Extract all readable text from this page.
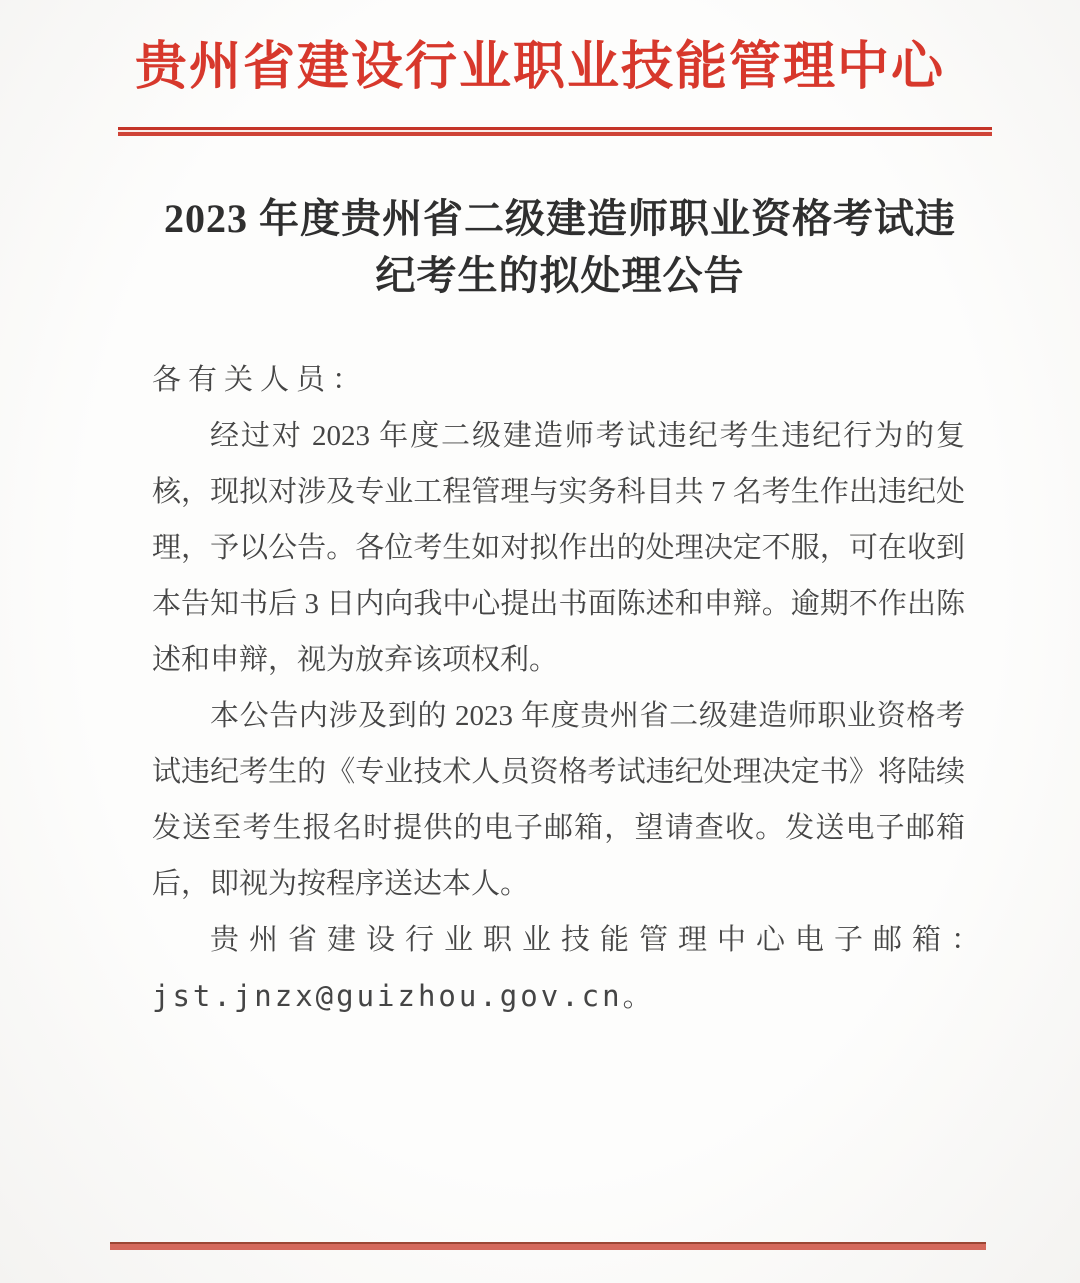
贵州省建设行业职业技能管理中心
2023 年度贵州省二级建造师职业资格考试违纪考生的拟处理公告

各有关人员：

经过对 2023 年度二级建造师考试违纪考生违纪行为的复核，现拟对涉及专业工程管理与实务科目共 7 名考生作出违纪处理，予以公告。各位考生如对拟作出的处理决定不服，可在收到本告知书后 3 日内向我中心提出书面陈述和申辩。逾期不作出陈述和申辩，视为放弃该项权利。

本公告内涉及到的 2023 年度贵州省二级建造师职业资格考试违纪考生的《专业技术人员资格考试违纪处理决定书》将陆续发送至考生报名时提供的电子邮箱，望请查收。发送电子邮箱后，即视为按程序送达本人。

贵州省建设行业职业技能管理中心电子邮箱：

jst.jnzx@guizhou.gov.cn。
